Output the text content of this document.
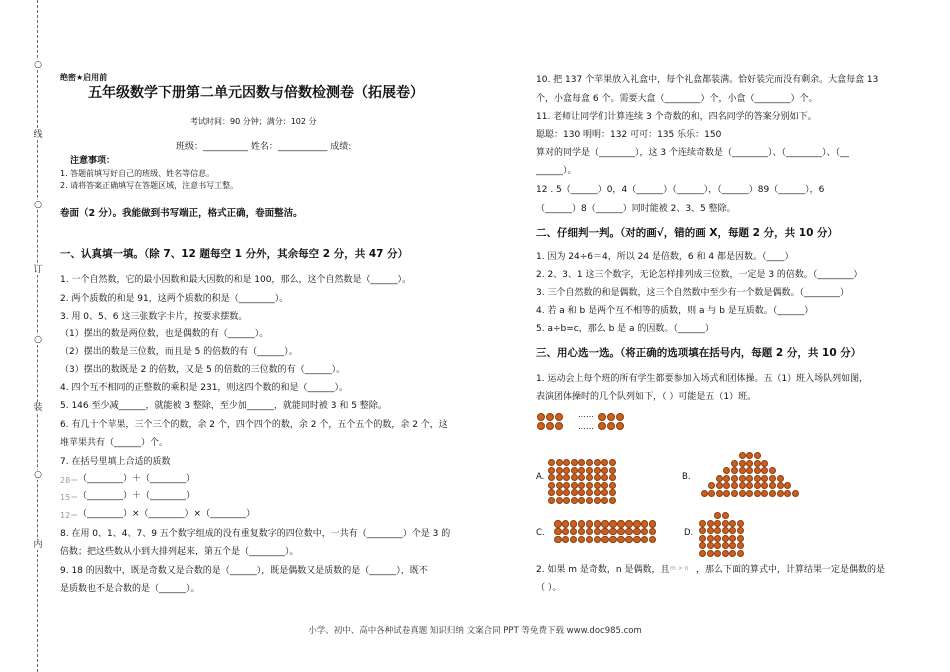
○
线
○
订
○
装
○
内
绝密★启用前
五年级数学下册第二单元因数与倍数检测卷（拓展卷）
考试时间：90 分钟；满分：102 分
班级：__________ 姓名：___________ 成绩:
注意事项：
1. 答题前填写好自己的班级、姓名等信息。
2. 请将答案正确填写在答题区域，注意书写工整。
卷面（2 分）。我能做到书写端正，格式正确，卷面整洁。
一、认真填一填。（除 7、12 题每空 1 分外，其余每空 2 分，共 47 分）
1. 一个自然数，它的最小因数和最大因数的和是 100，那么，这个自然数是（______）。
2. 两个质数的和是 91，这两个质数的积是（________）。
3. 用 0、5、6 这三张数字卡片，按要求摆数。
（1）摆出的数是两位数，也是偶数的有（______）。
（2）摆出的数是三位数，而且是 5 的倍数的有（______）。
（3）摆出的数既是 2 的倍数，又是 5 的倍数的三位数的有（______）。
4. 四个互不相同的正整数的乘积是 231，则这四个数的和是（______）。
5. 146 至少减______，就能被 3 整除，至少加______，就能同时被 3 和 5 整除。
6. 有几十个苹果，三个三个的数，余 2 个，四个四个的数，余 2 个，五个五个的数，余 2 个，这
堆苹果共有（______）个。
7. 在括号里填上合适的质数
28＝ （________）＋（________）
15＝ （________）＋（________）
12＝ （________）×（________）×（________）
8. 在用 0、1、4、7、9 五个数字组成的没有重复数字的四位数中，一共有（________）个是 3 的
倍数；把这些数从小到大排列起来，第五个是（________）。
9. 18 的因数中，既是奇数又是合数的是（______），既是偶数又是质数的是（______），既不
是质数也不是合数的是（______）。
10. 把 137 个苹果放入礼盒中，每个礼盒都装满。恰好装完而没有剩余。大盒每盒 13
个，小盒每盒 6 个。需要大盒（________）个，小盒（________）个。
11. 老师让同学们计算连续 3 个奇数的和，四名同学的答案分别如下。
聪聪：130 明明：132 可可：135 乐乐：150
算对的同学是（________），这 3 个连续奇数是（________）、（________）、（__
______）。
12 . 5（______）0，4（______）（______），（______）89（______），6
（______）8（______）同时能被 2、3、5 整除。
二、仔细判一判。（对的画√，错的画 X，每题 2 分，共 10 分）
1. 因为 24÷6＝4，所以 24 是倍数，6 和 4 都是因数。（____）
2. 2、3、1 这三个数字，无论怎样排列成三位数，一定是 3 的倍数。（________）
3. 三个自然数的和是偶数，这三个自然数中至少有一个数是偶数。（________）
4. 若 a 和 b 是两个互不相等的质数，则 a 与 b 是互质数。（______）
5. a÷b=c，那么 b 是 a 的因数。（______）
三、用心选一选。（将正确的选项填在括号内，每题 2 分，共 10 分）
1. 运动会上每个班的所有学生都要参加入场式和团体操。五（1）班入场队列如图，
表演团体操时的几个队列如下，（ ）可能是五（1）班。
……
……
A.	B.
C.	D.
2. 如果 m 是奇数，n 是偶数，且 m > n ，那么下面的算式中，计算结果一定是偶数的是
（ ）。
小学、初中、高中各种试卷真题 知识归纳 文案合同 PPT 等免费下载 www.doc985.com
